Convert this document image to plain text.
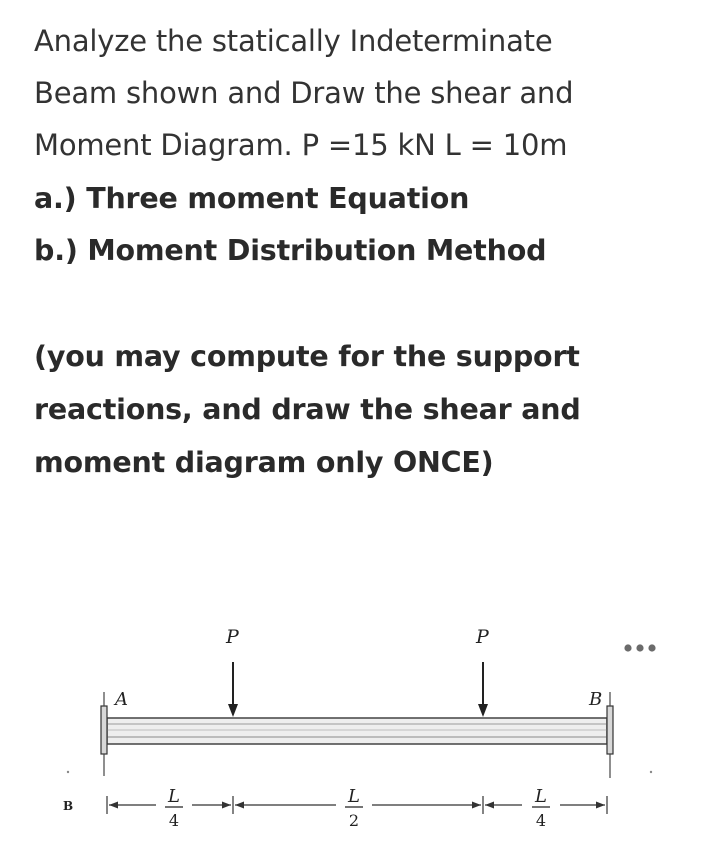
Analyze the statically Indeterminate
Beam shown and Draw the shear and
Moment Diagram. P =15 kN L = 10m
a.) Three moment Equation
b.) Moment Distribution Method
(you may compute for the support
reactions, and draw the shear and
moment diagram only ONCE)
A	B
P	P
B	L
4
L
2
L
4
